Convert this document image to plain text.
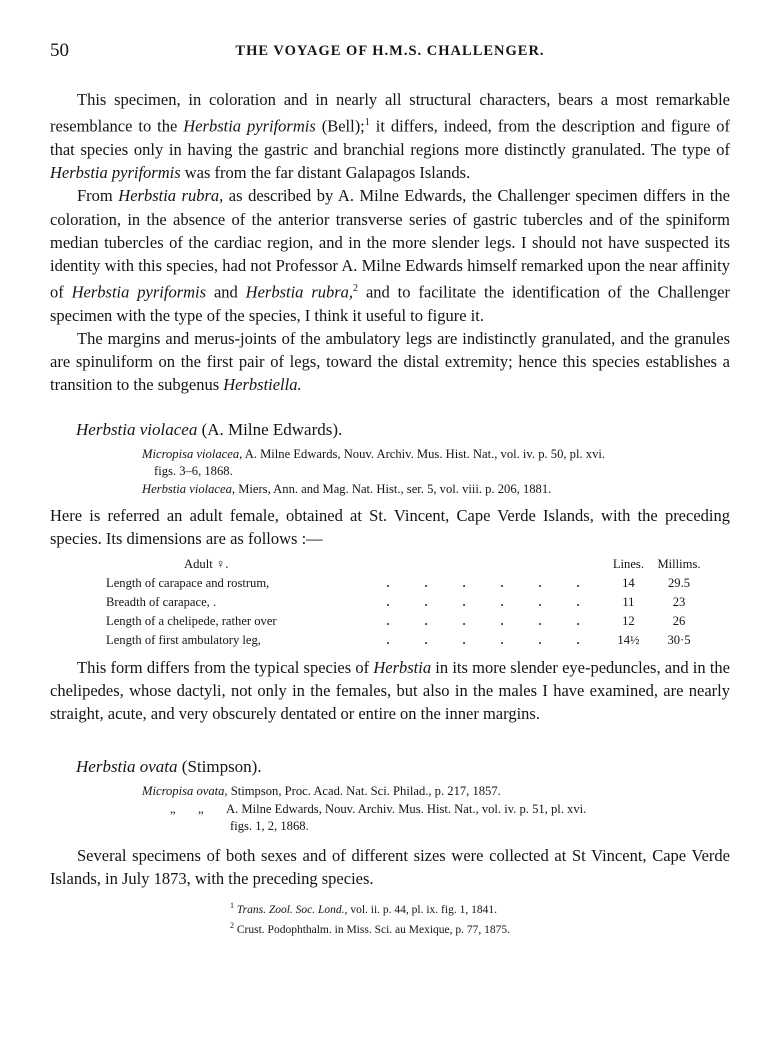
50	THE VOYAGE OF H.M.S. CHALLENGER.

This specimen, in coloration and in nearly all structural characters, bears a most remarkable resemblance to the Herbstia pyriformis (Bell);$^1$ it differs, indeed, from the description and figure of that species only in having the gastric and branchial regions more distinctly granulated. The type of Herbstia pyriformis was from the far distant Galapagos Islands.

From Herbstia rubra, as described by A. Milne Edwards, the Challenger specimen differs in the coloration, in the absence of the anterior transverse series of gastric tubercles and of the spiniform median tubercles of the cardiac region, and in the more slender legs. I should not have suspected its identity with this species, had not Professor A. Milne Edwards himself remarked upon the near affinity of Herbstia pyriformis and Herbstia rubra,$^2$ and to facilitate the identification of the Challenger specimen with the type of the species, I think it useful to figure it.

The margins and merus-joints of the ambulatory legs are indistinctly granulated, and the granules are spinuliform on the first pair of legs, toward the distal extremity; hence this species establishes a transition to the subgenus Herbstiella.

Herbstia violacea (A. Milne Edwards).
Micropisa violacea, A. Milne Edwards, Nouv. Archiv. Mus. Hist. Nat., vol. iv. p. 50, pl. xvi.
figs. 3–6, 1868.
Herbstia violacea, Miers, Ann. and Mag. Nat. Hist., ser. 5, vol. viii. p. 206, 1881.

Here is referred an adult female, obtained at St. Vincent, Cape Verde Islands, with the preceding species. Its dimensions are as follows :—

Adult ♀.		Lines.	Millims.
Length of carapace and rostrum,	. . . . . .	14	29.5
Breadth of carapace, .	. . . . . .	11	23
Length of a chelipede, rather over	. . . . . .	12	26
Length of first ambulatory leg,	. . . . . .	14½	30·5

This form differs from the typical species of Herbstia in its more slender eye-peduncles, and in the chelipedes, whose dactyli, not only in the females, but also in the males I have examined, are nearly straight, acute, and very obscurely dentated or entire on the inner margins.

Herbstia ovata (Stimpson).
Micropisa ovata, Stimpson, Proc. Acad. Nat. Sci. Philad., p. 217, 1857.
„ „ A. Milne Edwards, Nouv. Archiv. Mus. Hist. Nat., vol. iv. p. 51, pl. xvi.
figs. 1, 2, 1868.

Several specimens of both sexes and of different sizes were collected at St Vincent, Cape Verde Islands, in July 1873, with the preceding species.

$^1$ Trans. Zool. Soc. Lond., vol. ii. p. 44, pl. ix. fig. 1, 1841.
$^2$ Crust. Podophthalm. in Miss. Sci. au Mexique, p. 77, 1875.
